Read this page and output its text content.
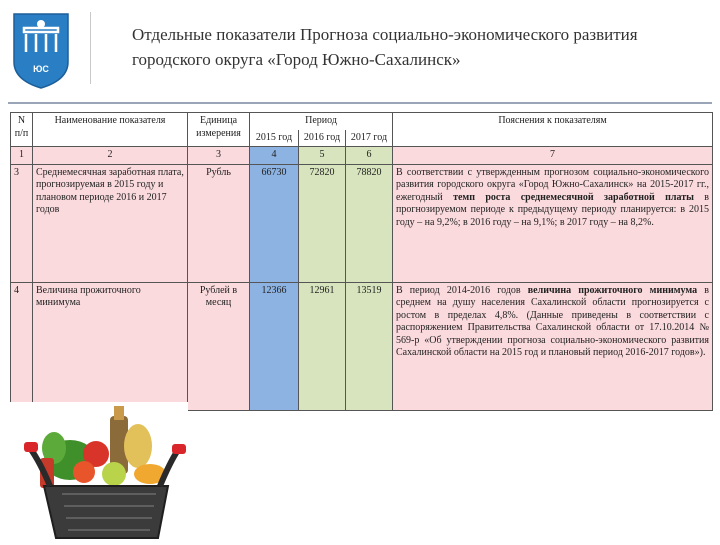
ЮС
Отдельные показатели Прогноза социально-экономического развития городского округа «Город Южно-Сахалинск»
N п/п	Наименование показателя	Единица измерения	Период			Пояснения к показателям
			2015 год	2016 год	2017 год	
1	2	3	4	5	6	7
3	Среднемесячная заработная плата, прогнозируемая в 2015 году и плановом периоде 2016 и 2017 годов	Рубль	66730	72820	78820	В соответствии с утвержденным прогнозом социально-экономического развития городского округа «Город Южно-Сахалинск» на 2015-2017 гг., ежегодный темп роста среднемесячной заработной платы в прогнозируемом периоде к предыдущему периоду планируется: в 2015 году – на 9,2%; в 2016 году – на 9,1%; в 2017 году – на 8,2%.
4	Величина прожиточного минимума	Рублей в месяц	12366	12961	13519	В период 2014-2016 годов величина прожиточного минимума в среднем на душу населения Сахалинской области прогнозируется с ростом в пределах 4,8%. (Данные приведены в соответствии с распоряжением Правительства Сахалинской области от 17.10.2014 № 569-р «Об утверждении прогноза социально-экономического развития Сахалинской области на 2015 год и плановый период 2016-2017 годов»).
